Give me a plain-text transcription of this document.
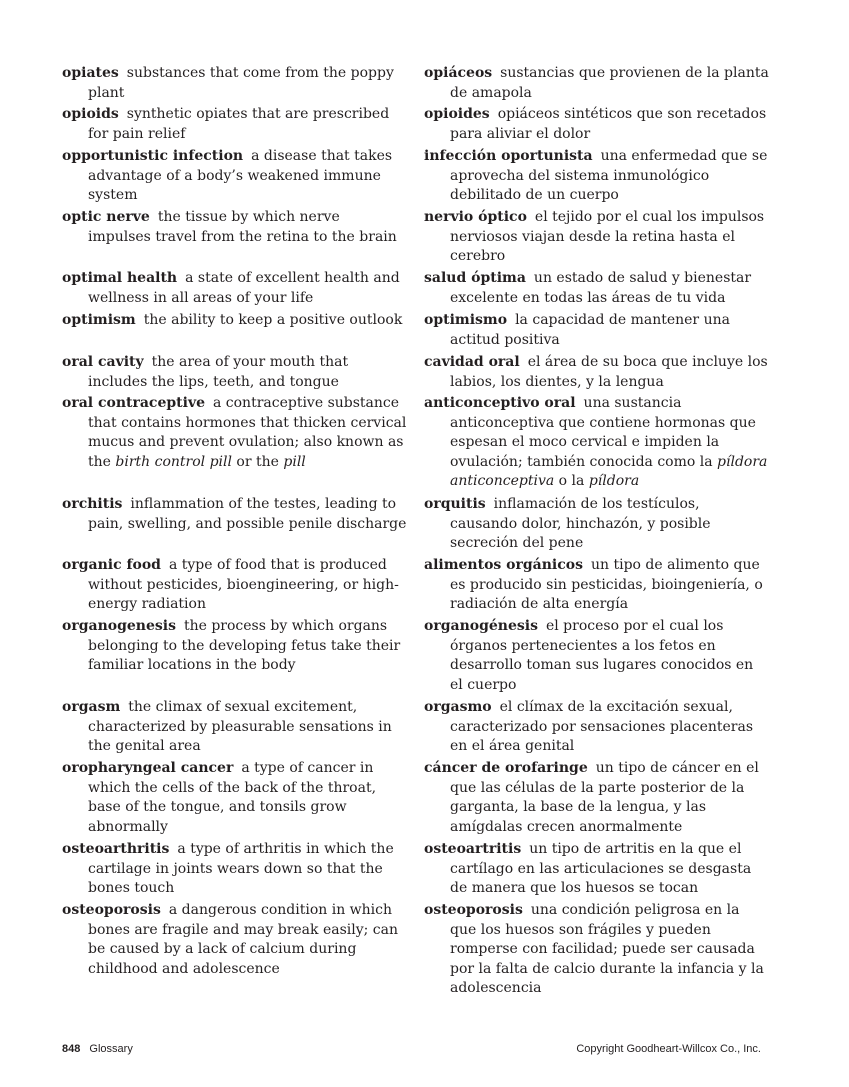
opiates substances that come from the poppy plant
opioids synthetic opiates that are prescribed for pain relief
opportunistic infection a disease that takes advantage of a body’s weakened immune system
optic nerve the tissue by which nerve impulses travel from the retina to the brain
optimal health a state of excellent health and wellness in all areas of your life
optimism the ability to keep a positive outlook
oral cavity the area of your mouth that includes the lips, teeth, and tongue
oral contraceptive a contraceptive substance that contains hormones that thicken cervical mucus and prevent ovulation; also known as the birth control pill or the pill
orchitis inflammation of the testes, leading to pain, swelling, and possible penile discharge
organic food a type of food that is produced without pesticides, bioengineering, or high-energy radiation
organogenesis the process by which organs belonging to the developing fetus take their familiar locations in the body
orgasm the climax of sexual excitement, characterized by pleasurable sensations in the genital area
oropharyngeal cancer a type of cancer in which the cells of the back of the throat, base of the tongue, and tonsils grow abnormally
osteoarthritis a type of arthritis in which the cartilage in joints wears down so that the bones touch
osteoporosis a dangerous condition in which bones are fragile and may break easily; can be caused by a lack of calcium during childhood and adolescence
opiáceos sustancias que provienen de la planta de amapola
opioides opiáceos sintéticos que son recetados para aliviar el dolor
infección oportunista una enfermedad que se aprovecha del sistema inmunológico debilitado de un cuerpo
nervio óptico el tejido por el cual los impulsos nerviosos viajan desde la retina hasta el cerebro
salud óptima un estado de salud y bienestar excelente en todas las áreas de tu vida
optimismo la capacidad de mantener una actitud positiva
cavidad oral el área de su boca que incluye los labios, los dientes, y la lengua
anticonceptivo oral una sustancia anticonceptiva que contiene hormonas que espesan el moco cervical e impiden la ovulación; también conocida como la píldora anticonceptiva o la píldora
orquitis inflamación de los testículos, causando dolor, hinchazón, y posible secreción del pene
alimentos orgánicos un tipo de alimento que es producido sin pesticidas, bioingeniería, o radiación de alta energía
organogénesis el proceso por el cual los órganos pertenecientes a los fetos en desarrollo toman sus lugares conocidos en el cuerpo
orgasmo el clímax de la excitación sexual, caracterizado por sensaciones placenteras en el área genital
cáncer de orofaringe un tipo de cáncer en el que las células de la parte posterior de la garganta, la base de la lengua, y las amígdalas crecen anormalmente
osteoartritis un tipo de artritis en la que el cartílago en las articulaciones se desgasta de manera que los huesos se tocan
osteoporosis una condición peligrosa en la que los huesos son frágiles y pueden romperse con facilidad; puede ser causada por la falta de calcio durante la infancia y la adolescencia
848 Glossary	Copyright Goodheart-Willcox Co., Inc.
